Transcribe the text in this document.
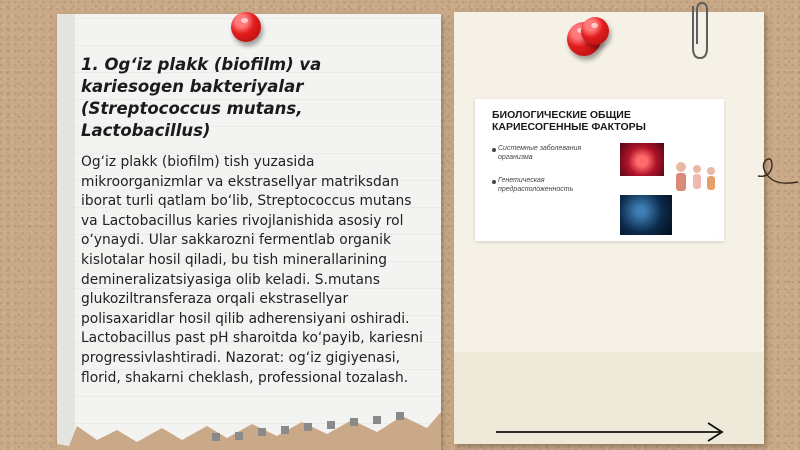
1. Og‘iz plakk (biofilm) va kariesogen bakteriyalar (Streptococcus mutans, Lactobacillus)
Og‘iz plakk (biofilm) tish yuzasida mikroorganizmlar va ekstrasellyar matriksdan iborat turli qatlam bo‘lib, Streptococcus mutans va Lactobacillus karies rivojlanishida asosiy rol o‘ynaydi. Ular sakkarozni fermentlab organik kislotalar hosil qiladi, bu tish minerallarining demineralizatsiyasiga olib keladi. S.mutans glukoziltransferaza orqali ekstrasellyar polisaxaridlar hosil qilib adherensiyani oshiradi. Lactobacillus past pH sharoitda ko‘payib, kariesni progressivlashtiradi. Nazorat: og‘iz gigiyenasi, florid, shakarni cheklash, professional tozalash.
БИОЛОГИЧЕСКИЕ ОБЩИЕ КАРИЕСОГЕННЫЕ ФАКТОРЫ
Системные заболевания организма
Генетическая предрасположенность
·
